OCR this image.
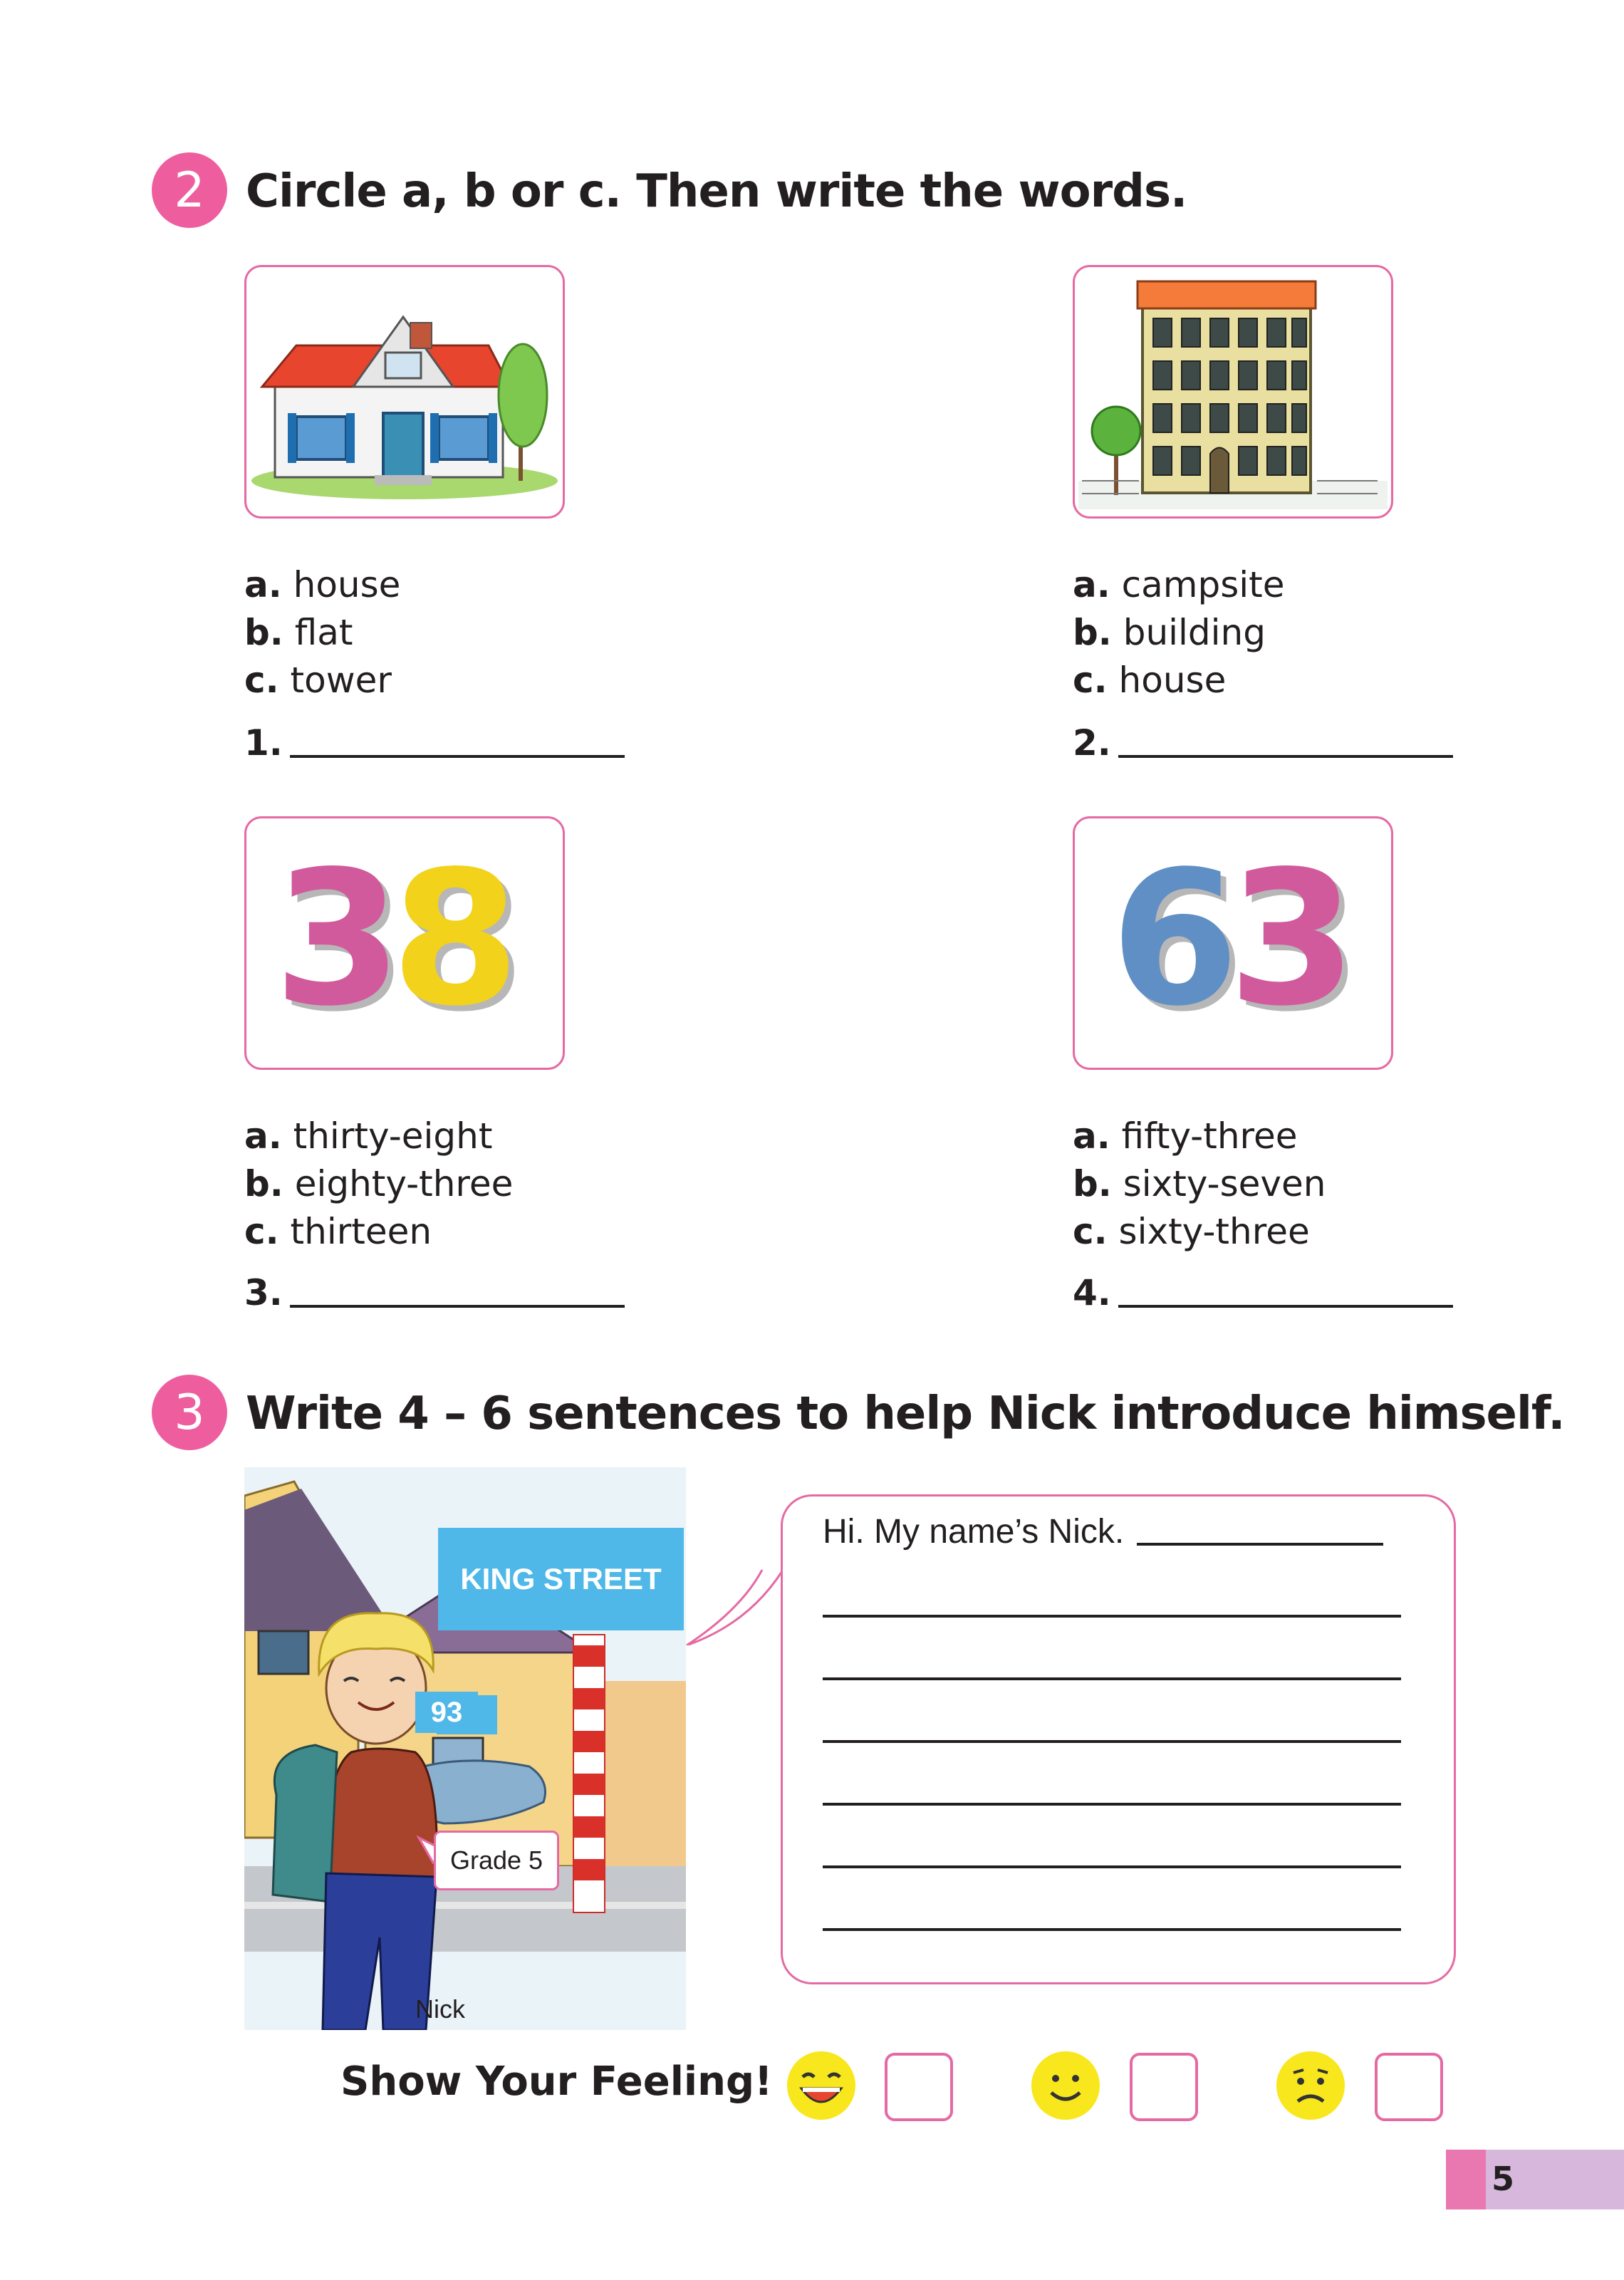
2 Circle a, b or c. Then write the words.
a. house
b. flat
c. tower
1.
a. campsite
b. building
c. house
2.
38
a. thirty-eight
b. eighty-three
c. thirteen
3.
63
a. fifty-three
b. sixty-seven
c. sixty-three
4.
3 Write 4 – 6 sentences to help Nick introduce himself.
KING STREET
93
Grade 5
Nick
Hi. My name’s Nick.
Show Your Feeling!
5
